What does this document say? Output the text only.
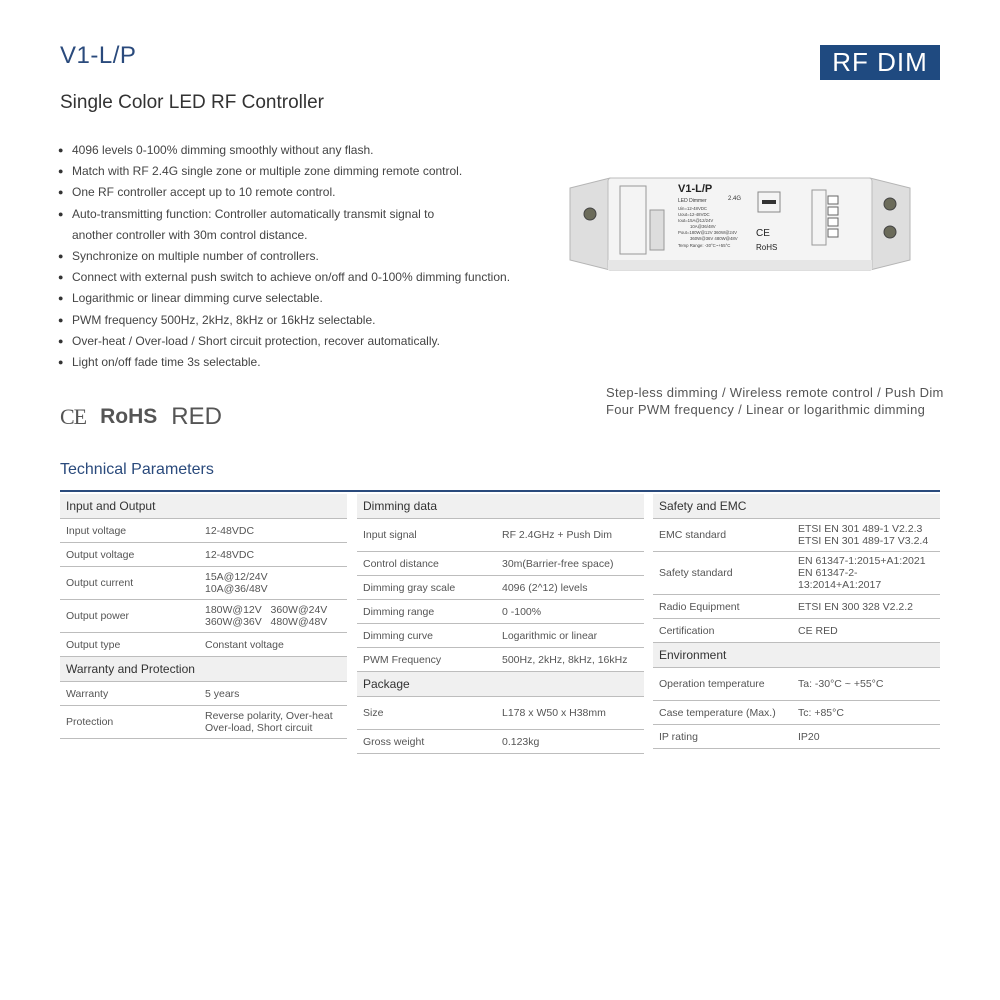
V1-L/P	RF DIM
Single Color LED RF Controller
● 4096 levels 0-100% dimming smoothly without any flash.
● Match with RF 2.4G single zone or multiple zone dimming remote control.
● One RF controller accept up to 10 remote control.
● Auto-transmitting function: Controller automatically transmit signal to another controller with 30m control distance.
● Synchronize on multiple number of controllers.
● Connect with external push switch to achieve on/off and 0-100% dimming function.
● Logarithmic or linear dimming curve selectable.
● PWM frequency 500Hz, 2kHz, 8kHz or 16kHz selectable.
● Over-heat / Over-load / Short circuit protection, recover automatically.
● Light on/off fade time 3s selectable.
V1-L/P
LED Dimmer	2.4G
Uin=12-48VDC
Uout=12-48VDC
Iout=15A@12/24V
10A@36/48V
Pout=180W@12V 360W@24V
360W@36V 480W@48V
Temp Range: -30°C~+55°C
CE
RoHS
Step-less dimming / Wireless remote control / Push Dim
Four PWM frequency / Linear or logarithmic dimming
CE RoHS RED
Technical Parameters
Input and Output	
Input voltage	12-48VDC
Output voltage	12-48VDC
Output current	15A@12/24V
10A@36/48V

Output power	180W@12V   360W@24V
360W@36V   480W@48V

Output type	Constant voltage
Warranty and Protection	
Warranty	5 years
Protection	Reverse polarity, Over-heat
Over-load, Short circuit
Dimming data	
Input signal	RF 2.4GHz + Push Dim
Control distance	30m(Barrier-free space)
Dimming gray scale	4096 (2^12) levels
Dimming range	0 -100%
Dimming curve	Logarithmic or linear
PWM Frequency	500Hz, 2kHz, 8kHz, 16kHz
Package	
Size	L178 x W50 x H38mm
Gross weight	0.123kg
Safety and EMC	
EMC standard	ETSI EN 301 489-1 V2.2.3
ETSI EN 301 489-17 V3.2.4

Safety standard	EN 61347-1:2015+A1:2021
EN 61347-2-13:2014+A1:2017

Radio Equipment	ETSI EN 300 328 V2.2.2
Certification	CE RED
Environment	
Operation temperature	Ta: -30°C ~ +55°C
Case temperature (Max.)	Tc: +85°C
IP rating	IP20
